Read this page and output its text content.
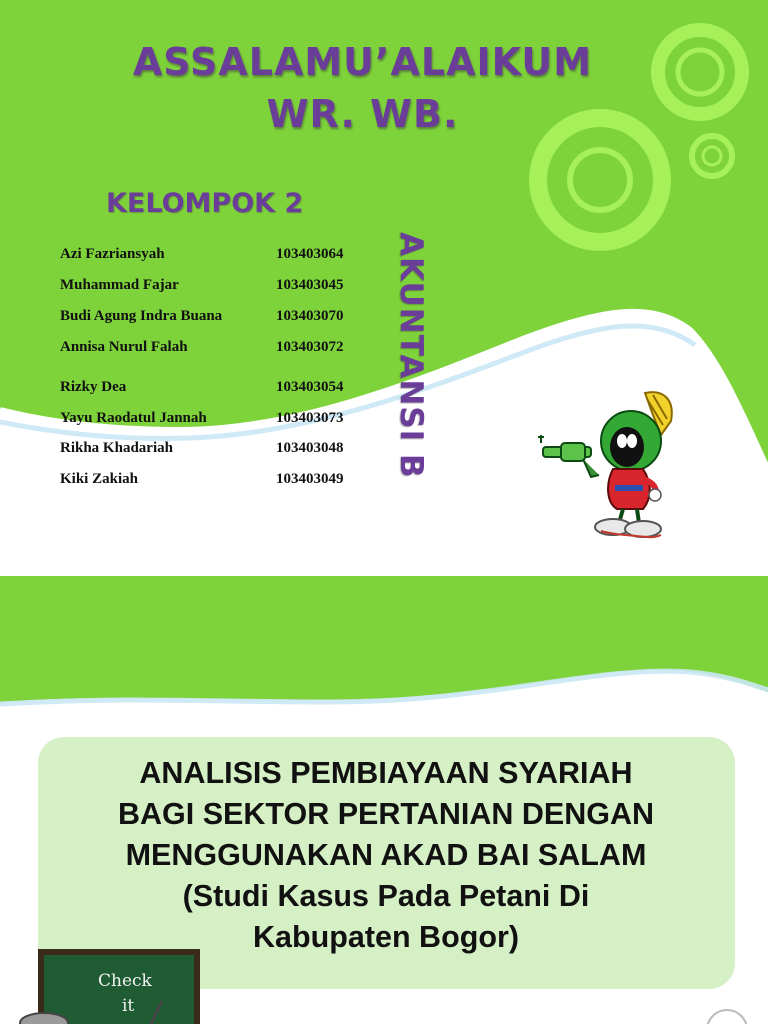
ASSALAMU’ALAIKUM
WR. WB.
KELOMPOK 2
Azi Fazriansyah	103403064
Muhammad Fajar	103403045
Budi Agung Indra Buana	103403070
Annisa Nurul Falah	103403072
Rizky Dea	103403054
Yayu Raodatul Jannah	103403073
Rikha Khadariah	103403048
Kiki Zakiah	103403049
AKUNTANSI B

ANALISIS PEMBIAYAAN SYARIAH

BAGI SEKTOR PERTANIAN DENGAN

MENGGUNAKAN AKAD BAI SALAM

(Studi Kasus Pada Petani Di

Kabupaten Bogor)

Check
it
